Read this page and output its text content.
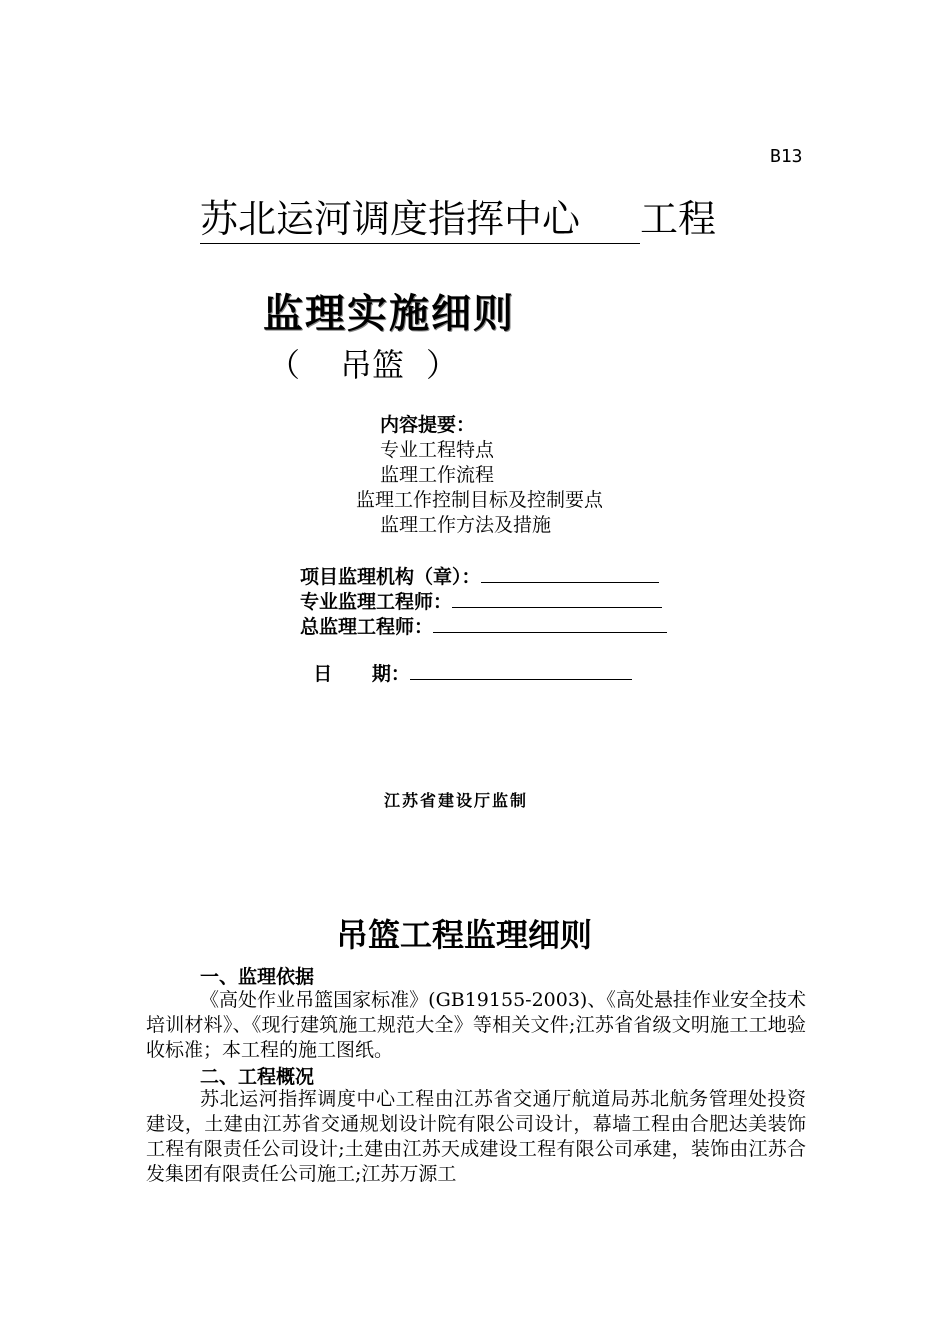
B13
苏北运河调度指挥中心 工程
监理实施细则
（ 吊篮 ）
内容提要：
专业工程特点
监理工作流程
监理工作控制目标及控制要点
监理工作方法及措施
项目监理机构（章）：
专业监理工程师：
总监理工程师：

日      期：

江苏省建设厅监制
吊篮工程监理细则
一、监理依据
《高处作业吊篮国家标准》(GB19155-2003)、《高处悬挂作业安全技术培训材料》、《现行建筑施工规范大全》等相关文件;江苏省省级文明施工工地验收标准；本工程的施工图纸。
二、工程概况
苏北运河指挥调度中心工程由江苏省交通厅航道局苏北航务管理处投资建设，土建由江苏省交通规划设计院有限公司设计，幕墙工程由合肥达美装饰工程有限责任公司设计;土建由江苏天成建设工程有限公司承建，装饰由江苏合发集团有限责任公司施工;江苏万源工
